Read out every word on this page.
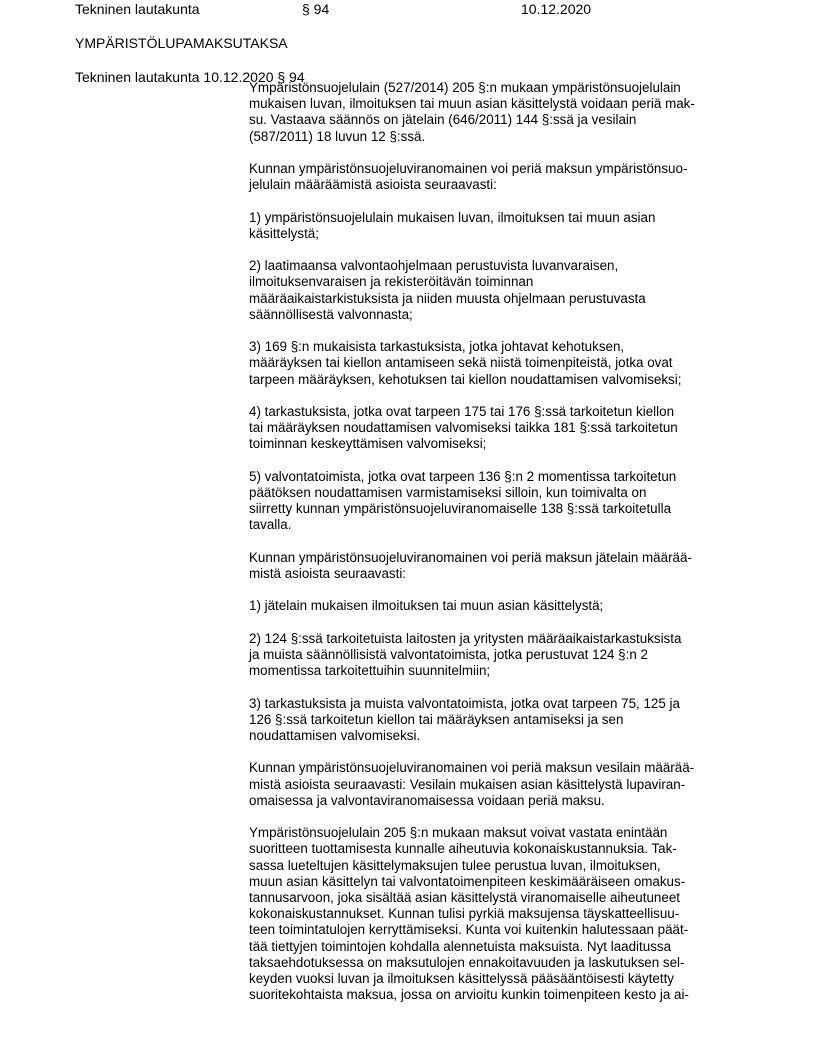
Tekninen lautakunta	§ 94	10.12.2020
YMPÄRISTÖLUPAMAKSUTAKSA
Tekninen lautakunta 10.12.2020 § 94

Ympäristönsuojelulain (527/2014) 205 §:n mukaan ympäristönsuojelulain
mukaisen luvan, ilmoituksen tai muun asian käsittelystä voidaan periä mak-
su. Vastaava säännös on jätelain (646/2011) 144 §:ssä ja vesilain
(587/2011) 18 luvun 12 §:ssä.

Kunnan ympäristönsuojeluviranomainen voi periä maksun ympäristönsuo-
jelulain määräämistä asioista seuraavasti:

1) ympäristönsuojelulain mukaisen luvan, ilmoituksen tai muun asian
käsittelystä;

2) laatimaansa valvontaohjelmaan perustuvista luvanvaraisen,
ilmoituksenvaraisen ja rekisteröitävän toiminnan
määräaikaistarkistuksista ja niiden muusta ohjelmaan perustuvasta
säännöllisestä valvonnasta;

3) 169 §:n mukaisista tarkastuksista, jotka johtavat kehotuksen,
määräyksen tai kiellon antamiseen sekä niistä toimenpiteistä, jotka ovat
tarpeen määräyksen, kehotuksen tai kiellon noudattamisen valvomiseksi;

4) tarkastuksista, jotka ovat tarpeen 175 tai 176 §:ssä tarkoitetun kiellon
tai määräyksen noudattamisen valvomiseksi taikka 181 §:ssä tarkoitetun
toiminnan keskeyttämisen valvomiseksi;

5) valvontatoimista, jotka ovat tarpeen 136 §:n 2 momentissa tarkoitetun
päätöksen noudattamisen varmistamiseksi silloin, kun toimivalta on
siirretty kunnan ympäristönsuojeluviranomaiselle 138 §:ssä tarkoitetulla
tavalla.

Kunnan ympäristönsuojeluviranomainen voi periä maksun jätelain määrää-
mistä asioista seuraavasti:

1) jätelain mukaisen ilmoituksen tai muun asian käsittelystä;

2) 124 §:ssä tarkoitetuista laitosten ja yritysten määräaikaistarkastuksista
ja muista säännöllisistä valvontatoimista, jotka perustuvat 124 §:n 2
momentissa tarkoitettuihin suunnitelmiin;

3) tarkastuksista ja muista valvontatoimista, jotka ovat tarpeen 75, 125 ja
126 §:ssä tarkoitetun kiellon tai määräyksen antamiseksi ja sen
noudattamisen valvomiseksi.

Kunnan ympäristönsuojeluviranomainen voi periä maksun vesilain määrää-
mistä asioista seuraavasti: Vesilain mukaisen asian käsittelystä lupaviran-
omaisessa ja valvontaviranomaisessa voidaan periä maksu.

Ympäristönsuojelulain 205 §:n mukaan maksut voivat vastata enintään
suoritteen tuottamisesta kunnalle aiheutuvia kokonaiskustannuksia. Tak-
sassa lueteltujen käsittelymaksujen tulee perustua luvan, ilmoituksen,
muun asian käsittelyn tai valvontatoimenpiteen keskimääräiseen omakus-
tannusarvoon, joka sisältää asian käsittelystä viranomaiselle aiheutuneet
kokonaiskustannukset. Kunnan tulisi pyrkiä maksujensa täyskatteellisuu-
teen toimintatulojen kerryttämiseksi. Kunta voi kuitenkin halutessaan päät-
tää tiettyjen toimintojen kohdalla alennetuista maksuista. Nyt laaditussa
taksaehdotuksessa on maksutulojen ennakoitavuuden ja laskutuksen sel-
keyden vuoksi luvan ja ilmoituksen käsittelyssä pääsääntöisesti käytetty
suoritekohtaista maksua, jossa on arvioitu kunkin toimenpiteen kesto ja ai-
